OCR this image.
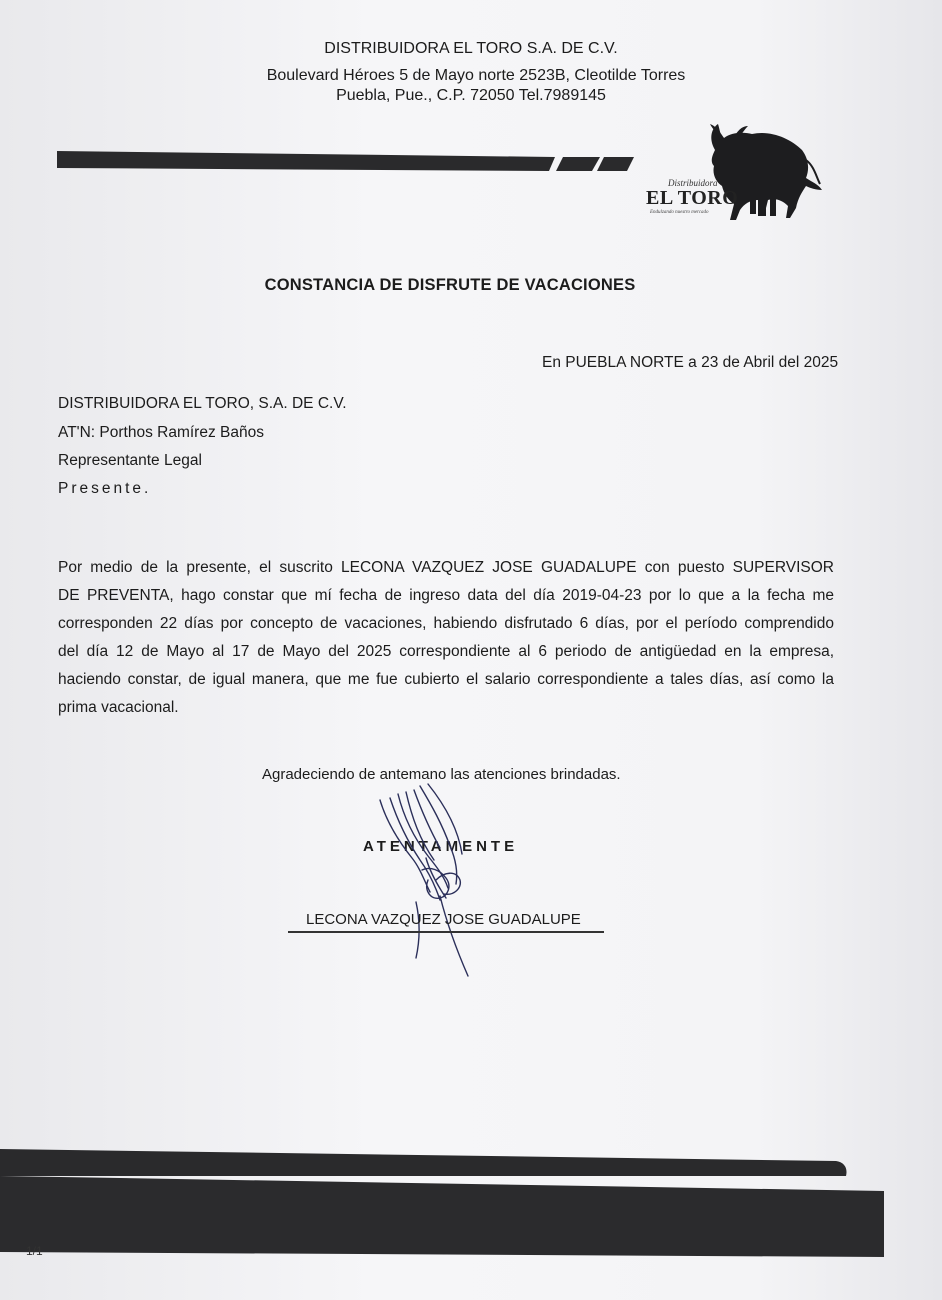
DISTRIBUIDORA EL TORO S.A. DE C.V.
Boulevard Héroes 5 de Mayo norte 2523B, Cleotilde Torres
Puebla, Pue., C.P. 72050 Tel.7989145
Distribuidora
EL TORO
Endulzando nuestro mercado
CONSTANCIA DE DISFRUTE DE VACACIONES
En PUEBLA NORTE a 23 de Abril del 2025
DISTRIBUIDORA EL TORO, S.A. DE C.V.
AT'N: Porthos Ramírez Baños
Representante Legal
Presente.
Por medio de la presente, el suscrito LECONA VAZQUEZ JOSE GUADALUPE con puesto SUPERVISOR
DE PREVENTA, hago constar que mí fecha de ingreso data del día 2019-04-23 por lo que a la fecha me
corresponden 22 días por concepto de vacaciones, habiendo disfrutado 6 días, por el período comprendido
del día 12 de Mayo al 17 de Mayo del 2025 correspondiente al 6 periodo de antigüedad en la empresa,
haciendo constar, de igual manera, que me fue cubierto el salario correspondiente a tales días, así como la
prima vacacional.
Agradeciendo de antemano las atenciones brindadas.
ATENTAMENTE
LECONA VAZQUEZ JOSE GUADALUPE
1/1
